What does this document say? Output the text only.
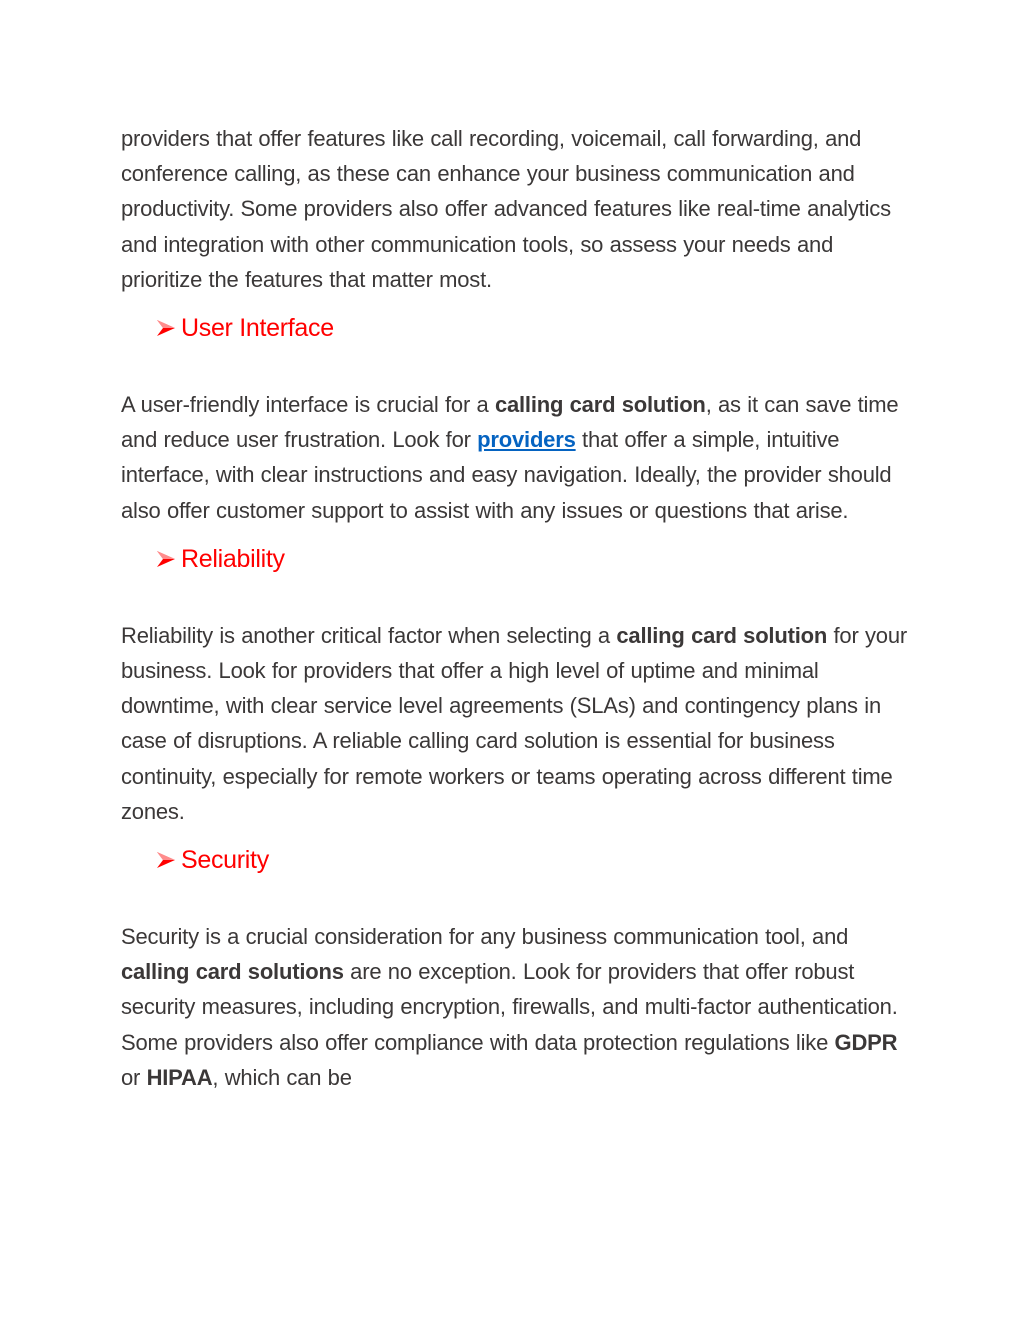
providers that offer features like call recording, voicemail, call forwarding, and conference calling, as these can enhance your business communication and productivity. Some providers also offer advanced features like real-time analytics and integration with other communication tools, so assess your needs and prioritize the features that matter most.

User Interface

A user-friendly interface is crucial for a calling card solution, as it can save time and reduce user frustration. Look for providers that offer a simple, intuitive interface, with clear instructions and easy navigation. Ideally, the provider should also offer customer support to assist with any issues or questions that arise.

Reliability

Reliability is another critical factor when selecting a calling card solution for your business. Look for providers that offer a high level of uptime and minimal downtime, with clear service level agreements (SLAs) and contingency plans in case of disruptions. A reliable calling card solution is essential for business continuity, especially for remote workers or teams operating across different time zones.

Security

Security is a crucial consideration for any business communication tool, and calling card solutions are no exception. Look for providers that offer robust security measures, including encryption, firewalls, and multi-factor authentication. Some providers also offer compliance with data protection regulations like GDPR or HIPAA, which can be
